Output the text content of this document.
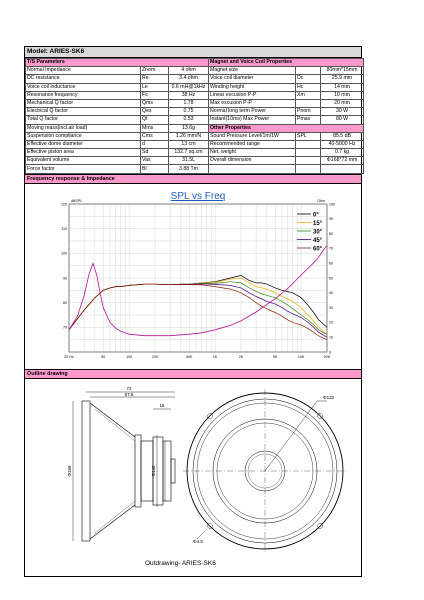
Model: ARIES-SK6
T/S Parameters			Magnet and Voice Coil Properties		
Normal Impedance	Znom	4 ohm	Magnet size		80mm*15mm
DC resistance	Re	3.4 ohm	Voice coil diameter	Dc	25.9 mm
Voice coil inductance	Le	0.6 mH@1kHz	Winding height	Hc	14 mm
Resonance frequency	Fs	38 Hz	Linear excusion P-P	Xm	10 mm
Mechanical Q factor	Qms	1.78	Max excusion P-P		20 mm
Electrical Q factor	Qes	0.75	Normal long term Power	Pnom	30 W
Total Q factor	Qt	0.53	Instant(10ms) Max Power	Pmax	80 W
Moving mass(incl.air load)	Mms	13.6g	Other Properties		
Suspension compliance	Cms	1.26 mm/N	Sound Pressure Level/1m/1W	SPL	85.5 dB
Effective dome diameter	d	13 cm	Recommended range		40-5000 Hz
Effective piston area	Sd	132.7 sq.cm	Net. weight		0.7 kg
Equivalent volume	Vas	31.5L	Overall dimension		Φ168*72 mm
Force factor	Bl	3.88 Tm			
Frequency response & Impedance
20 Hz	50	100	200	500	1K	2K	5K	10K	20K
70
80
90
100
110
120
0
10
20
30
40
50
60
70
80
90
100
dBSPL	Ohm
SPL vs Freq
0°
15°
30°
45°
60°
Outline drawing
72
67.5
15
Φ168	Φ148
Φ132
Φ4.5
Outdrawing- ARIES-SK6
